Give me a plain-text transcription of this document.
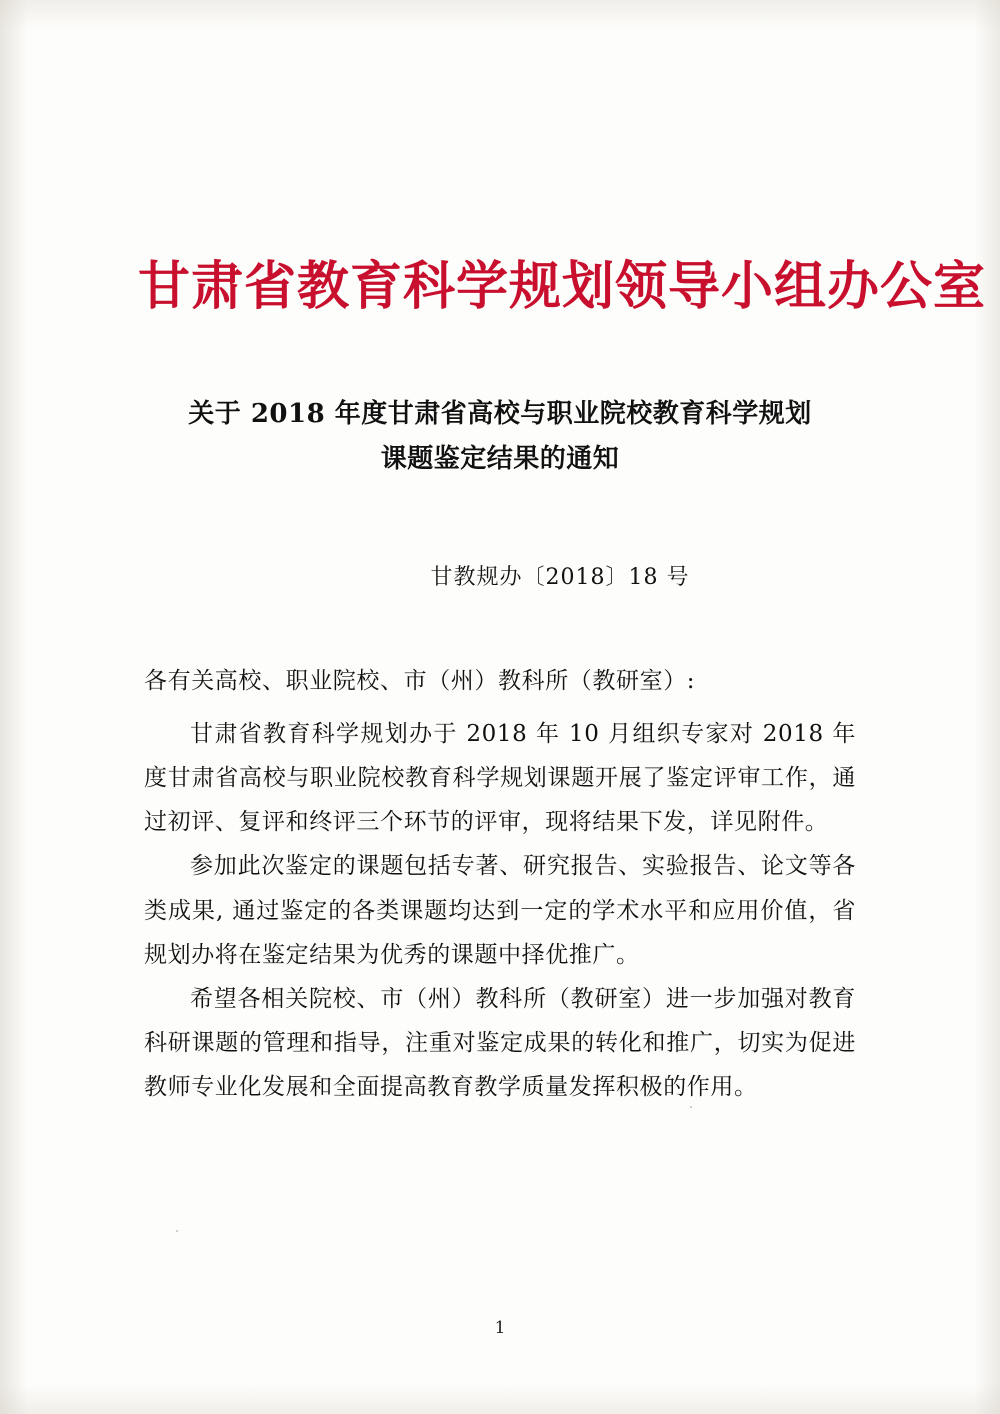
甘肃省教育科学规划领导小组办公室
关于 2018 年度甘肃省高校与职业院校教育科学规划
课题鉴定结果的通知
甘教规办〔2018〕18 号
各有关高校、职业院校、市（州）教科所（教研室）:

甘肃省教育科学规划办于 2018 年 10 月组织专家对 2018 年度甘肃省高校与职业院校教育科学规划课题开展了鉴定评审工作，通过初评、复评和终评三个环节的评审，现将结果下发，详见附件。

参加此次鉴定的课题包括专著、研究报告、实验报告、论文等各类成果, 通过鉴定的各类课题均达到一定的学术水平和应用价值，省规划办将在鉴定结果为优秀的课题中择优推广。

希望各相关院校、市（州）教科所（教研室）进一步加强对教育科研课题的管理和指导，注重对鉴定成果的转化和推广，切实为促进教师专业化发展和全面提高教育教学质量发挥积极的作用。

1
